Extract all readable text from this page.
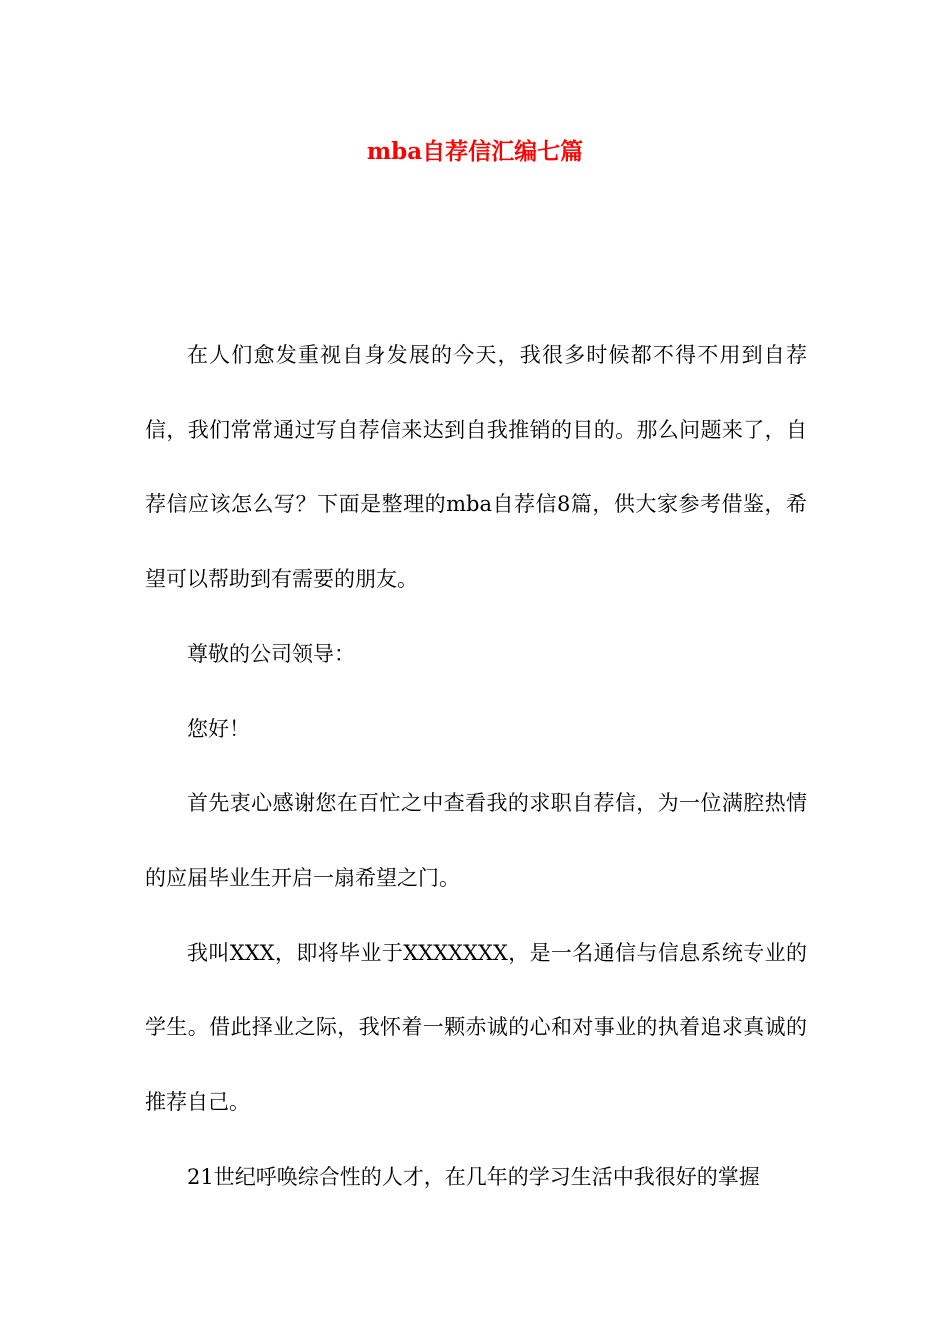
mba自荐信汇编七篇

在人们愈发重视自身发展的今天，我很多时候都不得不用到自荐信，我们常常通过写自荐信来达到自我推销的目的。那么问题来了，自荐信应该怎么写？下面是整理的mba自荐信8篇，供大家参考借鉴，希望可以帮助到有需要的朋友。

尊敬的公司领导：

您好！

首先衷心感谢您在百忙之中查看我的求职自荐信，为一位满腔热情的应届毕业生开启一扇希望之门。

我叫XXX，即将毕业于XXXXXXX，是一名通信与信息系统专业的学生。借此择业之际，我怀着一颗赤诚的心和对事业的执着追求真诚的推荐自己。

21世纪呼唤综合性的人才，在几年的学习生活中我很好的掌握
